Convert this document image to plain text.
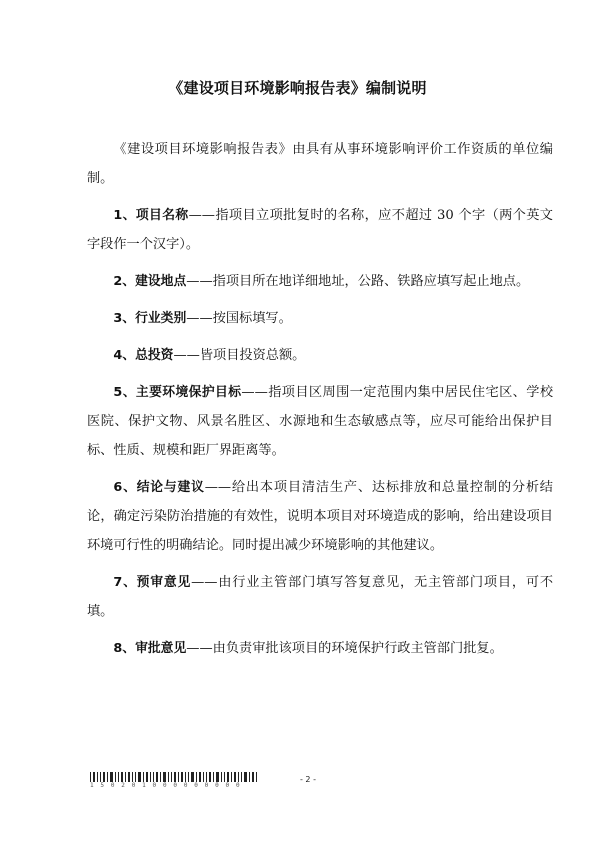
《建设项目环境影响报告表》编制说明

《建设项目环境影响报告表》由具有从事环境影响评价工作资质的单位编制。

1、项目名称——指项目立项批复时的名称，应不超过 30 个字（两个英文字段作一个汉字）。

2、建设地点——指项目所在地详细地址，公路、铁路应填写起止地点。

3、行业类别——按国标填写。

4、总投资——皆项目投资总额。

5、主要环境保护目标——指项目区周围一定范围内集中居民住宅区、学校医院、保护文物、风景名胜区、水源地和生态敏感点等，应尽可能给出保护目标、性质、规模和距厂界距离等。

6、结论与建议——给出本项目清洁生产、达标排放和总量控制的分析结论，确定污染防治措施的有效性，说明本项目对环境造成的影响，给出建设项目环境可行性的明确结论。同时提出减少环境影响的其他建议。

7、预审意见——由行业主管部门填写答复意见，无主管部门项目，可不填。

8、审批意见——由负责审批该项目的环境保护行政主管部门批复。

1 5 0 2 0 1 0 0 0 0 0 0 0 0 0
- 2 -
